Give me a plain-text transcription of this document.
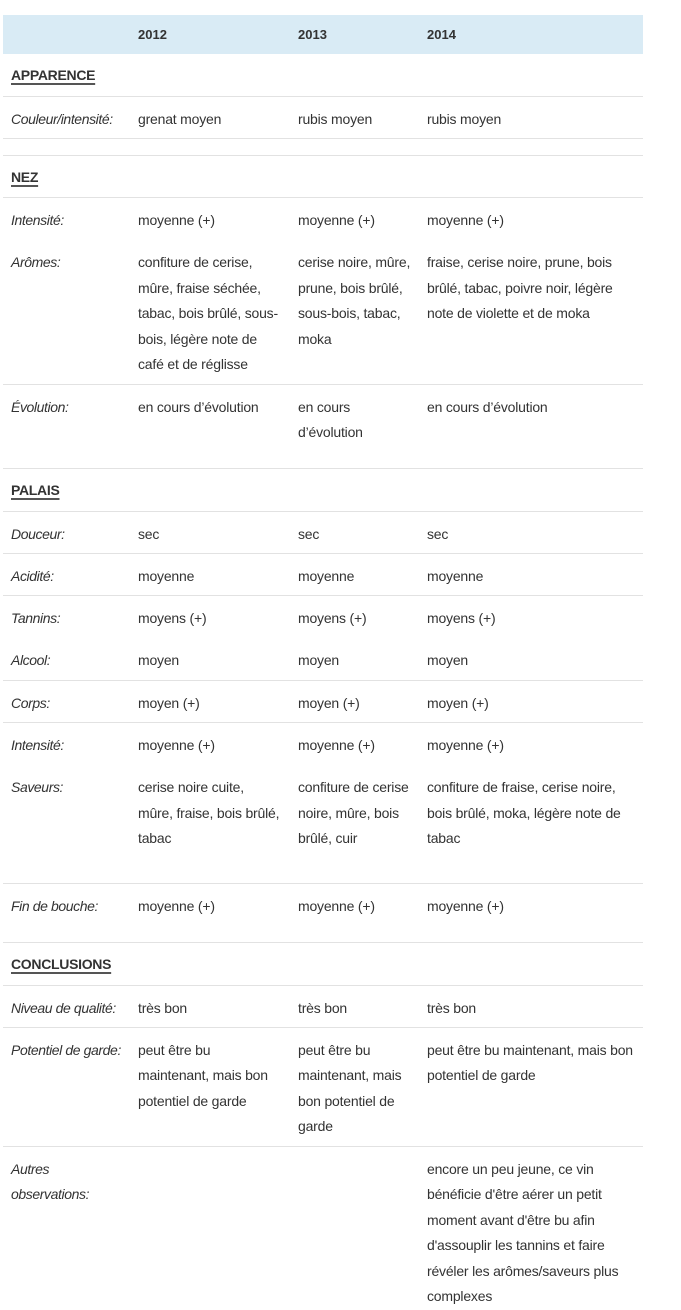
	2012	2013	2014
APPARENCE			
Couleur/intensité:	grenat moyen	rubis moyen	rubis moyen

NEZ			
Intensité:	moyenne (+)	moyenne (+)	moyenne (+)
Arômes:	confiture de cerise, mûre, fraise séchée, tabac, bois brûlé, sous-bois, légère note de café et de réglisse	cerise noire, mûre, prune, bois brûlé, sous-bois, tabac, moka	fraise, cerise noire, prune, bois brûlé, tabac, poivre noir, légère note de violette et de moka
Évolution:	en cours d’évolution	en cours d’évolution	en cours d’évolution
PALAIS			
Douceur:	sec	sec	sec
Acidité:	moyenne	moyenne	moyenne
Tannins:	moyens (+)	moyens (+)	moyens (+)
Alcool:	moyen	moyen	moyen
Corps:	moyen (+)	moyen (+)	moyen (+)
Intensité:	moyenne (+)	moyenne (+)	moyenne (+)
Saveurs:	cerise noire cuite, mûre, fraise, bois brûlé, tabac	confiture de cerise noire, mûre, bois brûlé, cuir	confiture de fraise, cerise noire, bois brûlé, moka, légère note de tabac
Fin de bouche:	moyenne (+)	moyenne (+)	moyenne (+)
CONCLUSIONS			
Niveau de qualité:	très bon	très bon	très bon
Potentiel de garde:	peut être bu maintenant, mais bon potentiel de garde	peut être bu maintenant, mais bon potentiel de garde	peut être bu maintenant, mais bon potentiel de garde
Autres observations:			encore un peu jeune, ce vin bénéficie d'être aérer un petit moment avant d'être bu afin d'assouplir les tannins et faire révéler les arômes/saveurs plus complexes
